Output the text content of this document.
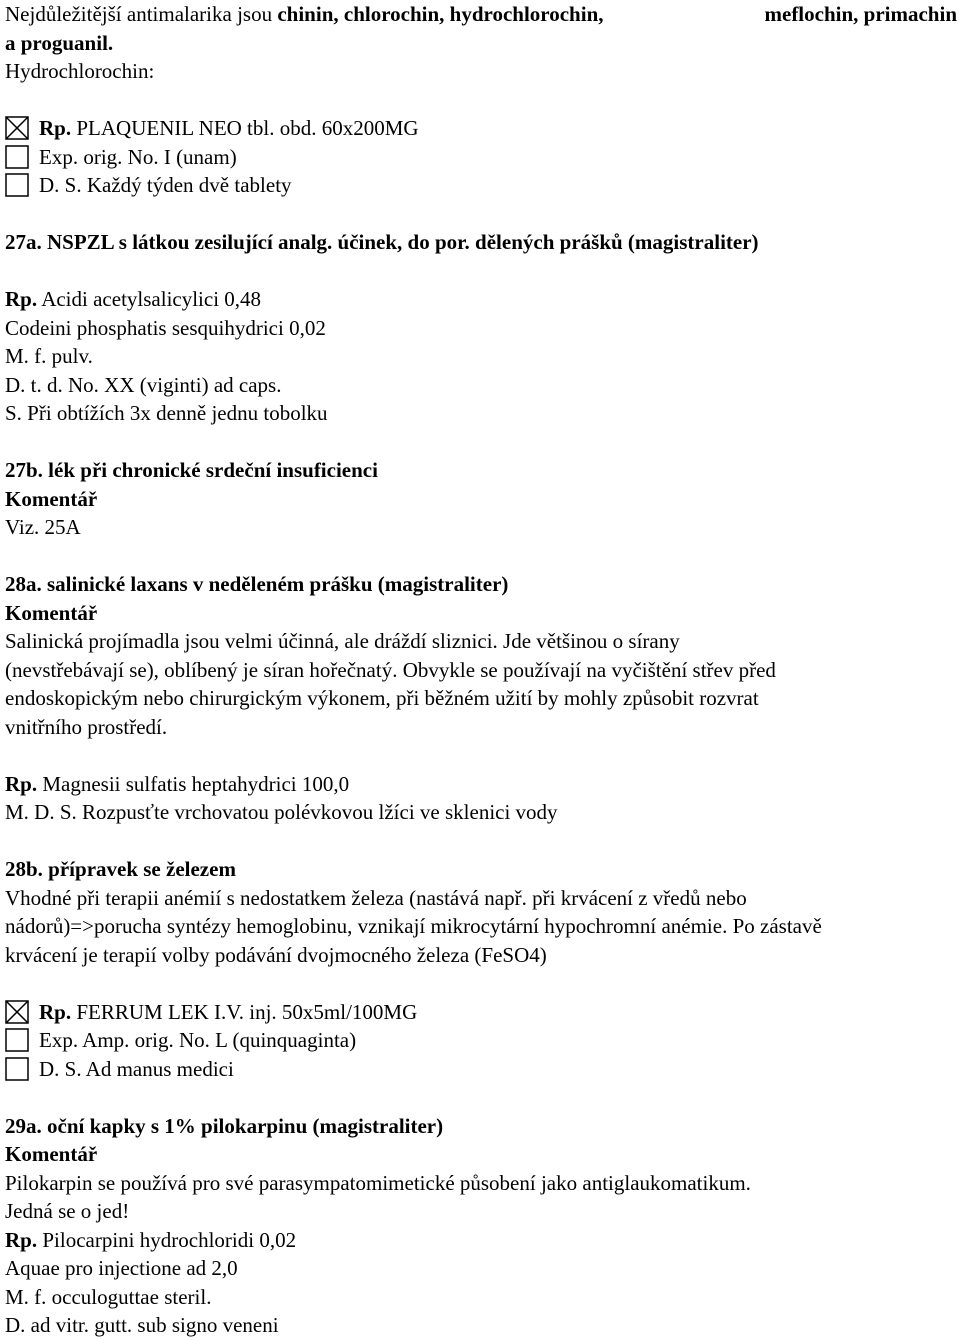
Nejdůležitější antimalarika jsou chinin, chlorochin, hydrochlorochin,	meflochin, primachin
a proguanil.
Hydrochlorochin:
Rp. PLAQUENIL NEO tbl. obd. 60x200MG
Exp. orig. No. I (unam)
D. S. Každý týden dvě tablety
27a. NSPZL s látkou zesilující analg. účinek, do por. dělených prášků (magistraliter)
Rp. Acidi acetylsalicylici 0,48
Codeini phosphatis sesquihydrici 0,02
M. f. pulv.
D. t. d. No. XX (viginti) ad caps.
S. Při obtížích 3x denně jednu tobolku
27b. lék při chronické srdeční insuficienci
Komentář
Viz. 25A
28a. salinické laxans v neděleném prášku (magistraliter)
Komentář
Salinická projímadla jsou velmi účinná, ale dráždí sliznici. Jde většinou o sírany
(nevstřebávají se), oblíbený je síran hořečnatý. Obvykle se používají na vyčištění střev před
endoskopickým nebo chirurgickým výkonem, při běžném užití by mohly způsobit rozvrat
vnitřního prostředí.
Rp. Magnesii sulfatis heptahydrici 100,0
M. D. S. Rozpusťte vrchovatou polévkovou lžíci ve sklenici vody
28b. přípravek se železem
Vhodné při terapii anémií s nedostatkem železa (nastává např. při krvácení z vředů nebo
nádorů)=>porucha syntézy hemoglobinu, vznikají mikrocytární hypochromní anémie. Po zástavě
krvácení je terapií volby podávání dvojmocného železa (FeSO4)
Rp. FERRUM LEK I.V. inj. 50x5ml/100MG
Exp. Amp. orig. No. L (quinquaginta)
D. S. Ad manus medici
29a. oční kapky s 1% pilokarpinu (magistraliter)
Komentář
Pilokarpin se používá pro své parasympatomimetické působení jako antiglaukomatikum.
Jedná se o jed!
Rp. Pilocarpini hydrochloridi 0,02
Aquae pro injectione ad 2,0
M. f. occuloguttae steril.
D. ad vitr. gutt. sub signo veneni
